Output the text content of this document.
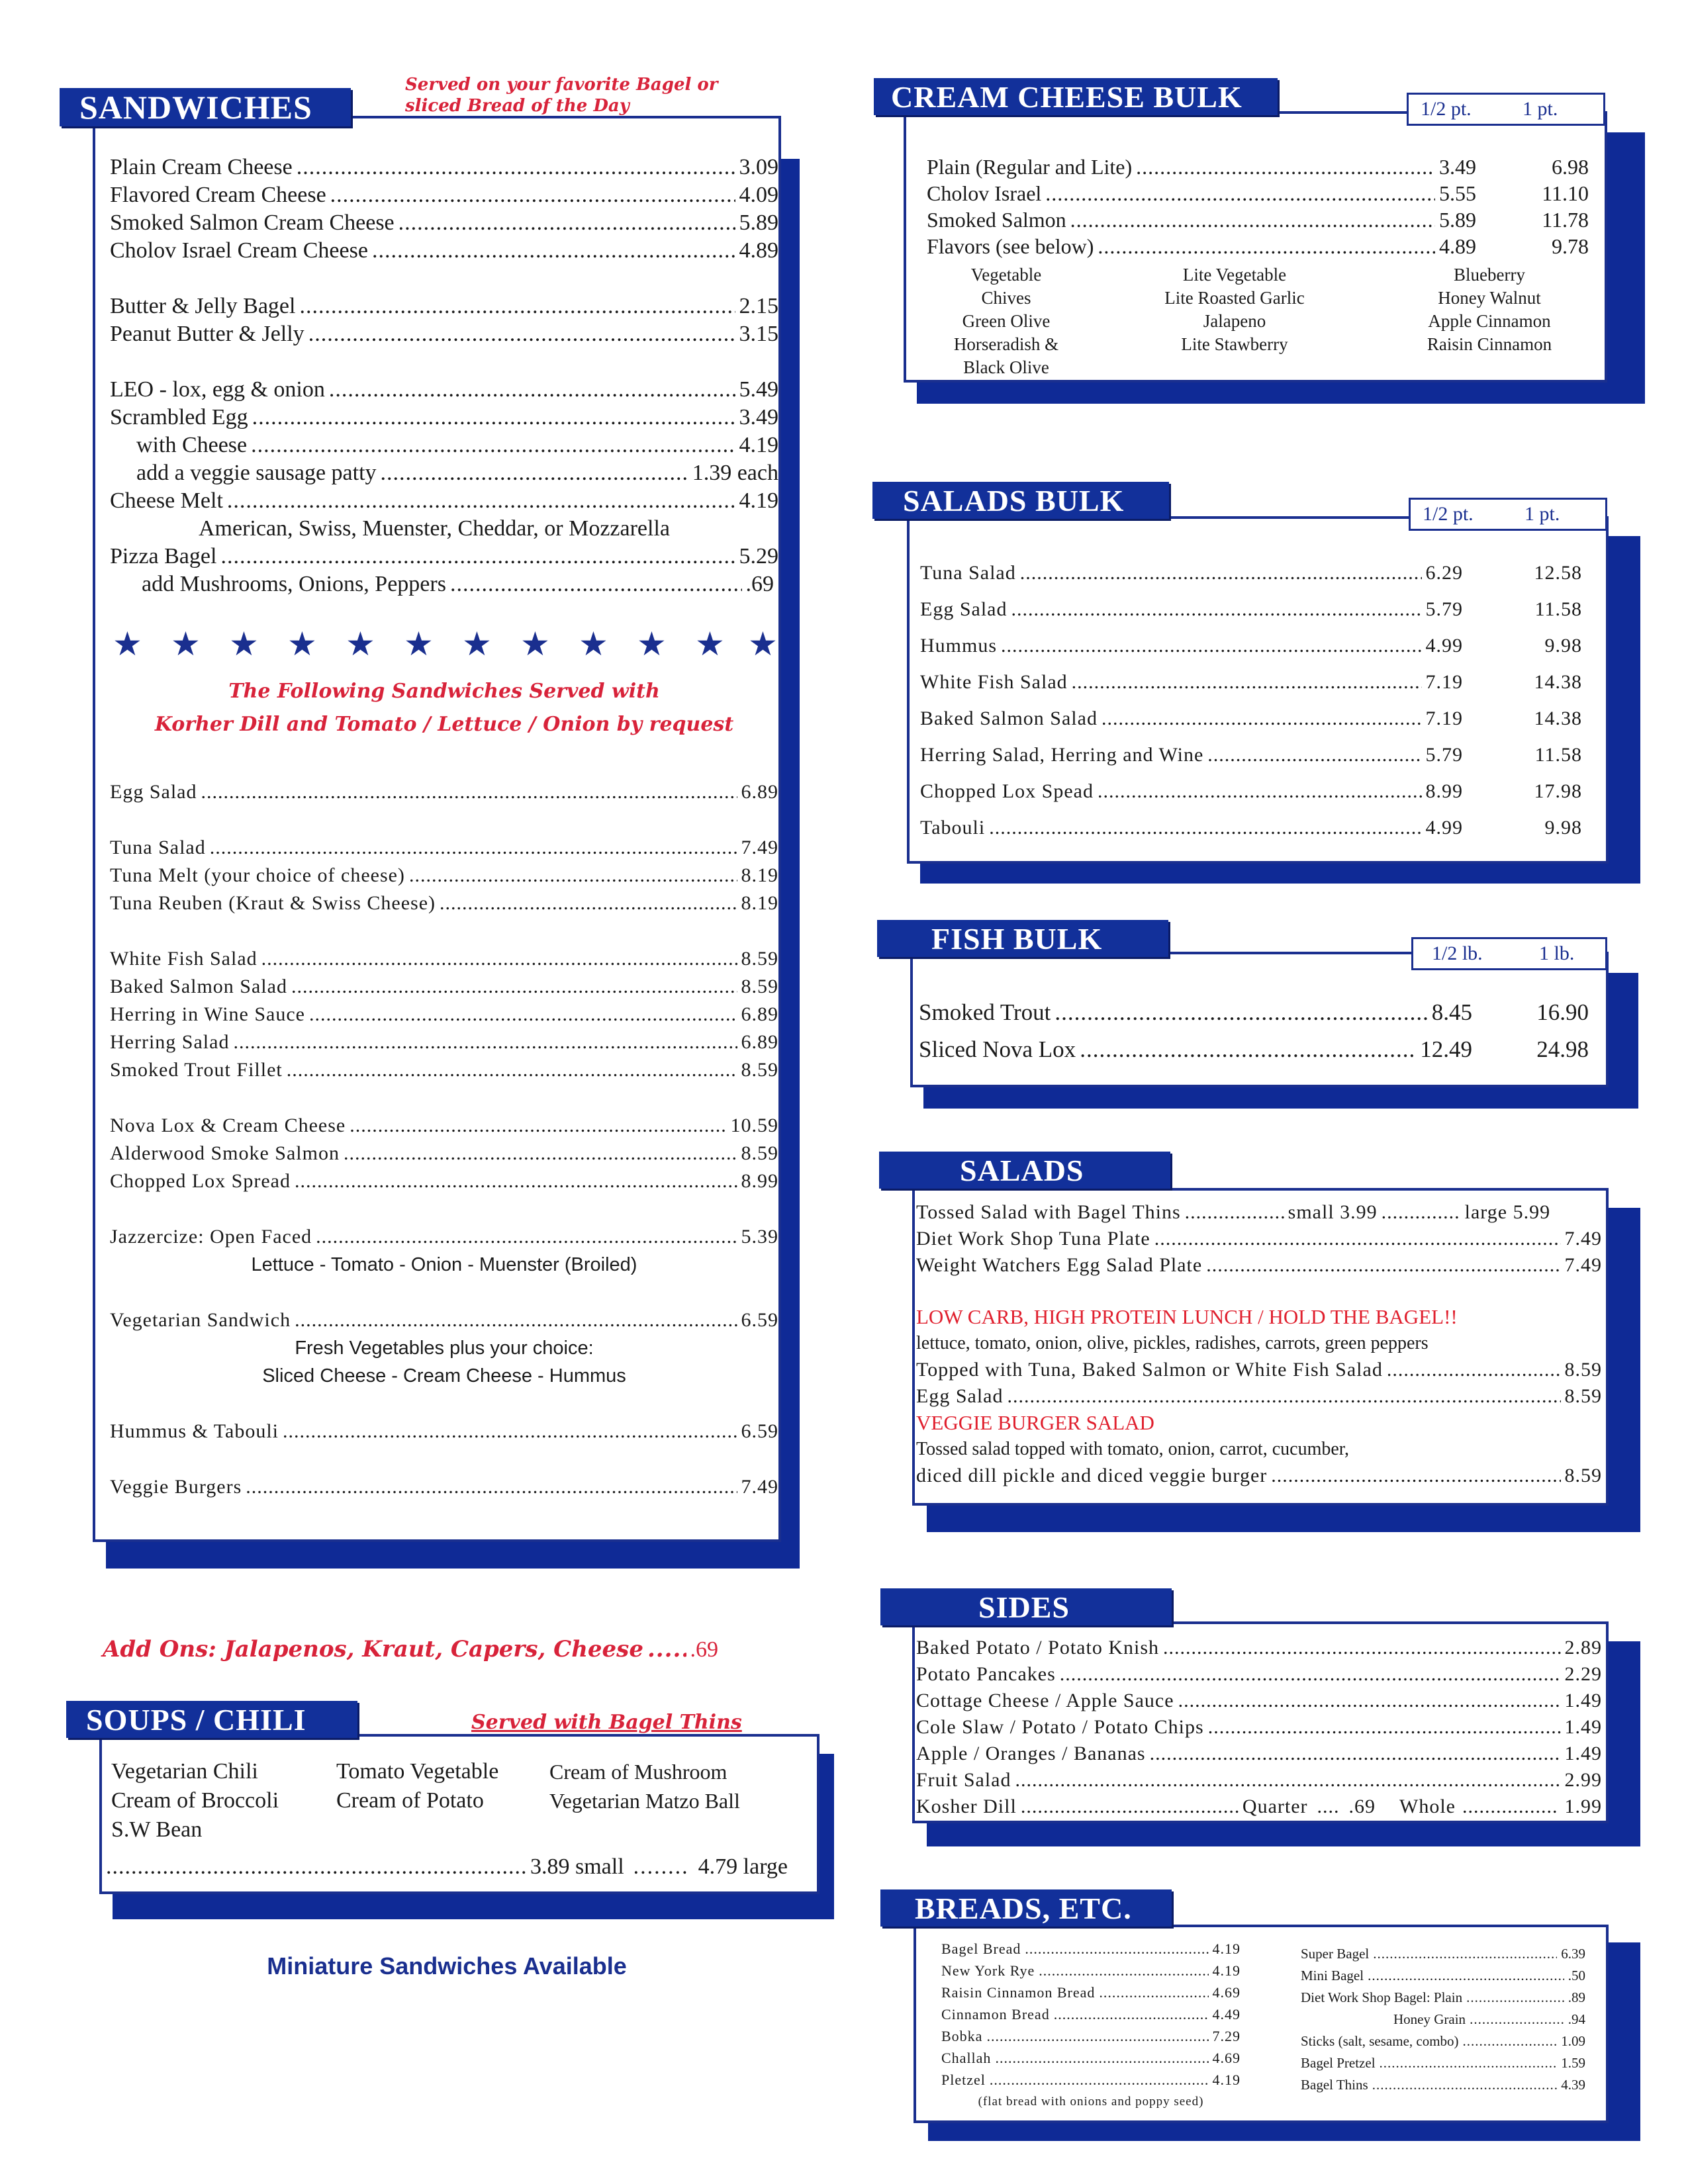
SANDWICHES
Served on your favorite Bagel or
sliced Bread of the Day
Plain Cream Cheese .....	3.09
Flavored Cream Cheese .....	4.09
Smoked Salmon Cream Cheese .....	5.89
Cholov Israel Cream Cheese .....	4.89
Butter & Jelly Bagel .....	2.15
Peanut Butter & Jelly .....	3.15
LEO - lox, egg & onion .....	5.49
Scrambled Egg .....	3.49
with Cheese .....	4.19
add a veggie sausage patty .....	1.39 each
Cheese Melt .....	4.19
American, Swiss, Muenster, Cheddar, or Mozzarella
Pizza Bagel .....	5.29
add Mushrooms, Onions, Peppers .....	.69
★ ★ ★ ★ ★ ★ ★ ★ ★ ★ ★ ★
The Following Sandwiches Served with
Korher Dill and Tomato / Lettuce / Onion by request
Egg Salad .....	6.89
Tuna Salad .....	7.49
Tuna Melt (your choice of cheese) .....	8.19
Tuna Reuben (Kraut & Swiss Cheese) .....	8.19
White Fish Salad .....	8.59
Baked Salmon Salad .....	8.59
Herring in Wine Sauce .....	6.89
Herring Salad .....	6.89
Smoked Trout Fillet .....	8.59
Nova Lox & Cream Cheese .....	10.59
Alderwood Smoke Salmon .....	8.59
Chopped Lox Spread .....	8.99
Jazzercize: Open Faced .....	5.39
Lettuce - Tomato - Onion - Muenster (Broiled)
Vegetarian Sandwich .....	6.59
Fresh Vegetables plus your choice:
Sliced Cheese - Cream Cheese - Hummus
Hummus & Tabouli .....	6.59
Veggie Burgers .....	7.49
Add Ons: Jalapenos, Kraut, Capers, Cheese ..... .69
SOUPS / CHILI	Served with Bagel Thins
Vegetarian Chili
Cream of Broccoli
S.W Bean
Tomato Vegetable
Cream of Potato
Cream of Mushroom
Vegetarian Matzo Ball
.....
3.89 small ........ 4.79 large
Miniature Sandwiches Available
CREAM CHEESE BULK	1/2 pt.	1 pt.
Plain (Regular and Lite) .....	3.49	6.98
Cholov Israel .....	5.55	11.10
Smoked Salmon .....	5.89	11.78
Flavors (see below) .....	4.89	9.78
Vegetable
Chives
Green Olive
Horseradish &
Black Olive
Lite Vegetable
Lite Roasted Garlic
Jalapeno
Lite Stawberry
Blueberry
Honey Walnut
Apple Cinnamon
Raisin Cinnamon
SALADS BULK	1/2 pt.	1 pt.
Tuna Salad .....	6.29	12.58
Egg Salad .....	5.79	11.58
Hummus .....	4.99	9.98
White Fish Salad .....	7.19	14.38
Baked Salmon Salad .....	7.19	14.38
Herring Salad, Herring and Wine .....	5.79	11.58
Chopped Lox Spead .....	8.99	17.98
Tabouli .....	4.99	9.98
FISH BULK	1/2 lb.	1 lb.
Smoked Trout .....	8.45	16.90
Sliced Nova Lox .....	12.49	24.98
SALADS
Tossed Salad with Bagel Thins .....	small 3.99 .....	large 5.99
Diet Work Shop Tuna Plate .....	7.49
Weight Watchers Egg Salad Plate .....	7.49
LOW CARB, HIGH PROTEIN LUNCH / HOLD THE BAGEL!!
lettuce, tomato, onion, olive, pickles, radishes, carrots, green peppers
Topped with Tuna, Baked Salmon or White Fish Salad .....	8.59
Egg Salad .....	8.59
VEGGIE BURGER SALAD
Tossed salad topped with tomato, onion, carrot, cucumber,
diced dill pickle and diced veggie burger .....	8.59
SIDES
Baked Potato / Potato Knish .....	2.89
Potato Pancakes .....	2.29
Cottage Cheese / Apple Sauce .....	1.49
Cole Slaw / Potato / Potato Chips .....	1.49
Apple / Oranges / Bananas .....	1.49
Fruit Salad .....	2.99
Kosher Dill .....	Quarter .... .69 Whole ................. 1.99
BREADS, ETC.
Bagel Bread .....	4.19
New York Rye .....	4.19
Raisin Cinnamon Bread .....	4.69
Cinnamon Bread .....	4.49
Bobka .....	7.29
Challah .....	4.69
Pletzel .....	4.19
(flat bread with onions and poppy seed)
Super Bagel .....	6.39
Mini Bagel .....	.50
Diet Work Shop Bagel: Plain .....	.89
Honey Grain .....	.94
Sticks (salt, sesame, combo) .....	1.09
Bagel Pretzel .....	1.59
Bagel Thins .....	4.39
